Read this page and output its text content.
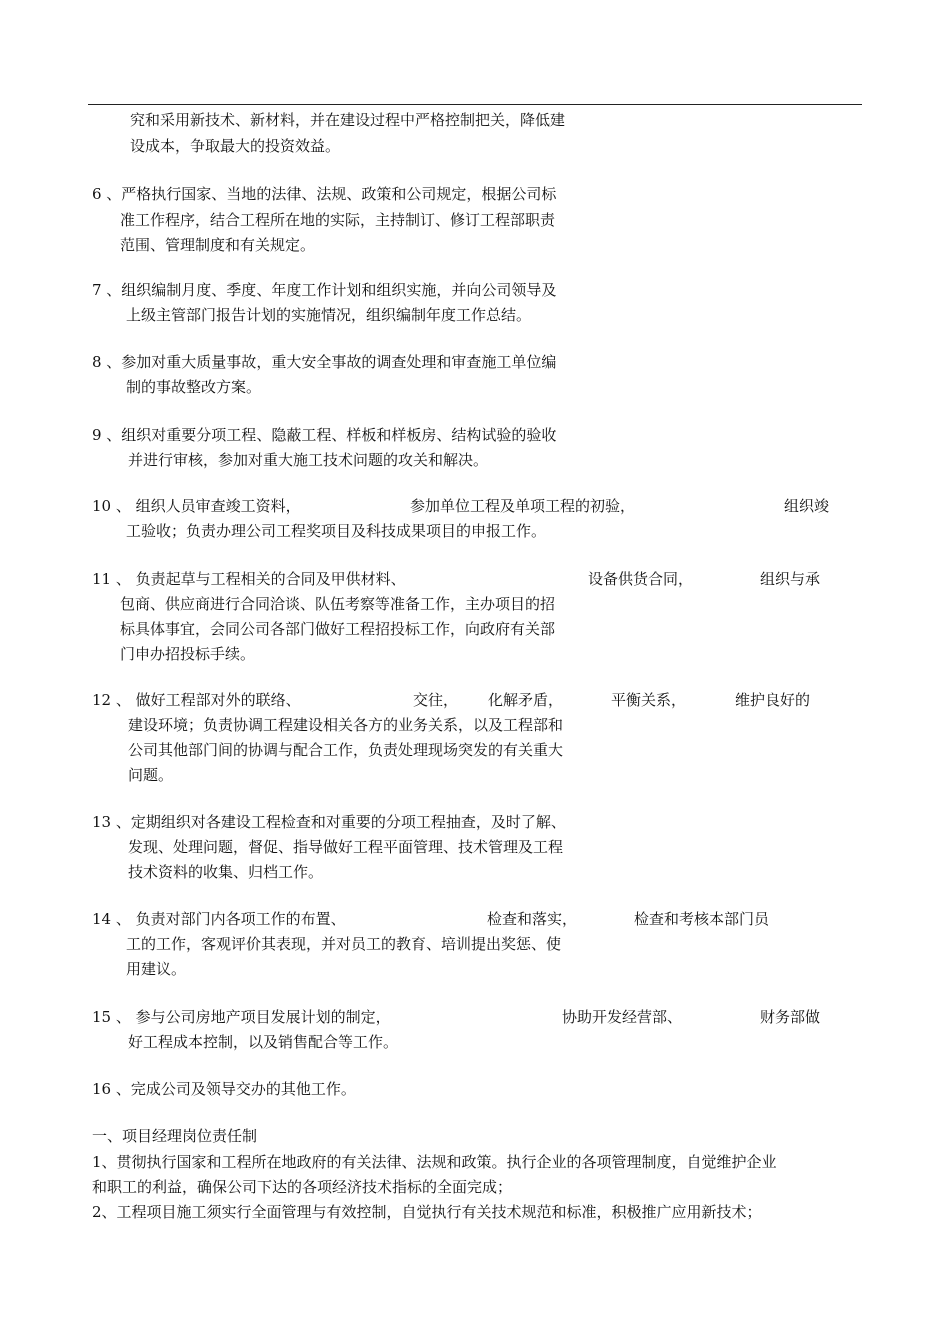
究和采用新技术、新材料，并在建设过程中严格控制把关，降低建
设成本，争取最大的投资效益。
6 、严格执行国家、当地的法律、法规、政策和公司规定，根据公司标
准工作程序，结合工程所在地的实际，主持制订、修订工程部职责
范围、管理制度和有关规定。
7 、组织编制月度、季度、年度工作计划和组织实施，并向公司领导及
上级主管部门报告计划的实施情况，组织编制年度工作总结。
8 、参加对重大质量事故，重大安全事故的调查处理和审查施工单位编
制的事故整改方案。
9 、组织对重要分项工程、隐蔽工程、样板和样板房、结构试验的验收
并进行审核，参加对重大施工技术问题的攻关和解决。
10 、 组织人员审查竣工资料，	参加单位工程及单项工程的初验，	组织竣
工验收；负责办理公司工程奖项目及科技成果项目的申报工作。
11 、 负责起草与工程相关的合同及甲供材料、	设备供货合同，	组织与承
包商、供应商进行合同洽谈、队伍考察等准备工作，主办项目的招
标具体事宜，会同公司各部门做好工程招投标工作，向政府有关部
门申办招投标手续。
12 、 做好工程部对外的联络、	交往， 化解矛盾，	平衡关系，	维护良好的
建设环境；负责协调工程建设相关各方的业务关系，以及工程部和
公司其他部门间的协调与配合工作，负责处理现场突发的有关重大
问题。
13 、定期组织对各建设工程检查和对重要的分项工程抽查，及时了解、
发现、处理问题，督促、指导做好工程平面管理、技术管理及工程
技术资料的收集、归档工作。
14 、 负责对部门内各项工作的布置、	检查和落实，	检查和考核本部门员
工的工作，客观评价其表现，并对员工的教育、培训提出奖惩、使
用建议。
15 、 参与公司房地产项目发展计划的制定，	协助开发经营部、	财务部做
好工程成本控制，以及销售配合等工作。
16 、完成公司及领导交办的其他工作。
一、项目经理岗位责任制
1、贯彻执行国家和工程所在地政府的有关法律、法规和政策。执行企业的各项管理制度，自觉维护企业
和职工的利益，确保公司下达的各项经济技术指标的全面完成；
2、工程项目施工须实行全面管理与有效控制，自觉执行有关技术规范和标准，积极推广应用新技术；
